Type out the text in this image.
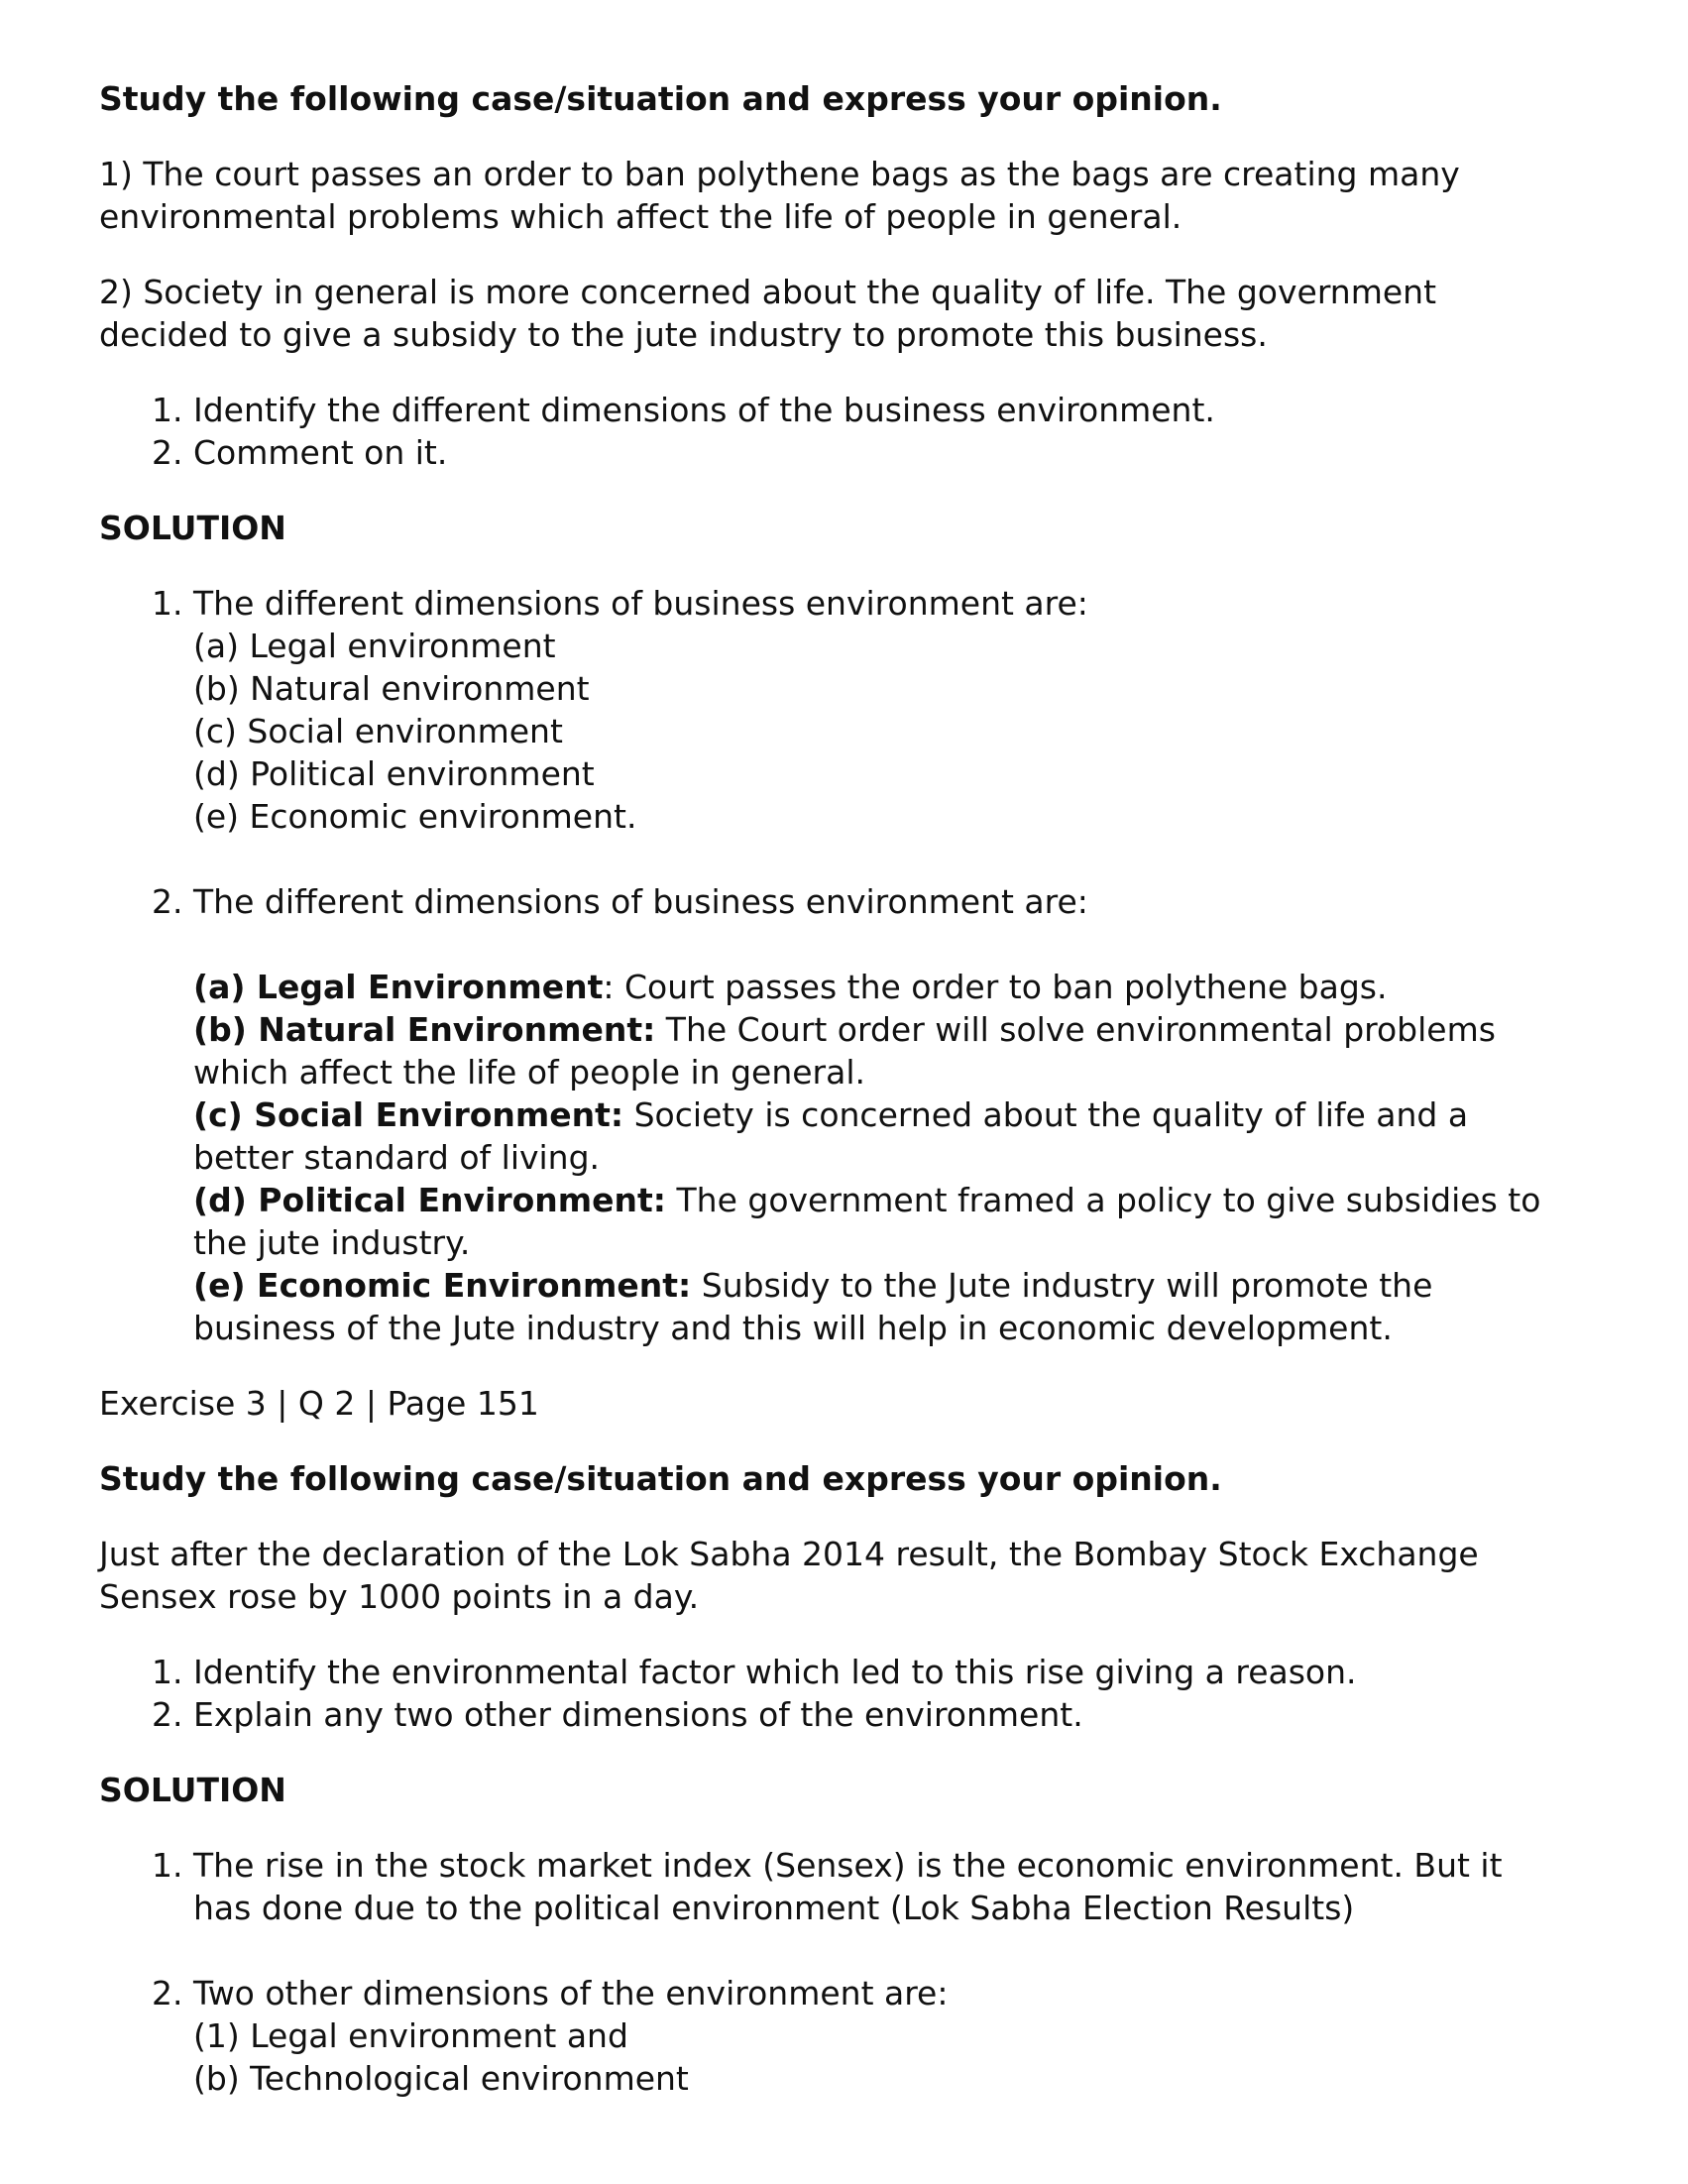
Study the following case/situation and express your opinion.

1) The court passes an order to ban polythene bags as the bags are creating many environmental problems which affect the life of people in general.

2) Society in general is more concerned about the quality of life. The government decided to give a subsidy to the jute industry to promote this business.

1. Identify the different dimensions of the business environment.
2. Comment on it.

SOLUTION

1. The different dimensions of business environment are:
(a) Legal environment
(b) Natural environment
(c) Social environment
(d) Political environment
(e) Economic environment.
2. The different dimensions of business environment are:
(a) Legal Environment: Court passes the order to ban polythene bags.
(b) Natural Environment: The Court order will solve environmental problems which affect the life of people in general.
(c) Social Environment: Society is concerned about the quality of life and a better standard of living.
(d) Political Environment: The government framed a policy to give subsidies to the jute industry.
(e) Economic Environment: Subsidy to the Jute industry will promote the business of the Jute industry and this will help in economic development.

Exercise 3 | Q 2 | Page 151

Study the following case/situation and express your opinion.

Just after the declaration of the Lok Sabha 2014 result, the Bombay Stock Exchange Sensex rose by 1000 points in a day.

1. Identify the environmental factor which led to this rise giving a reason.
2. Explain any two other dimensions of the environment.

SOLUTION

1. The rise in the stock market index (Sensex) is the economic environment. But it has done due to the political environment (Lok Sabha Election Results)
2. Two other dimensions of the environment are:
(1) Legal environment and
(b) Technological environment
